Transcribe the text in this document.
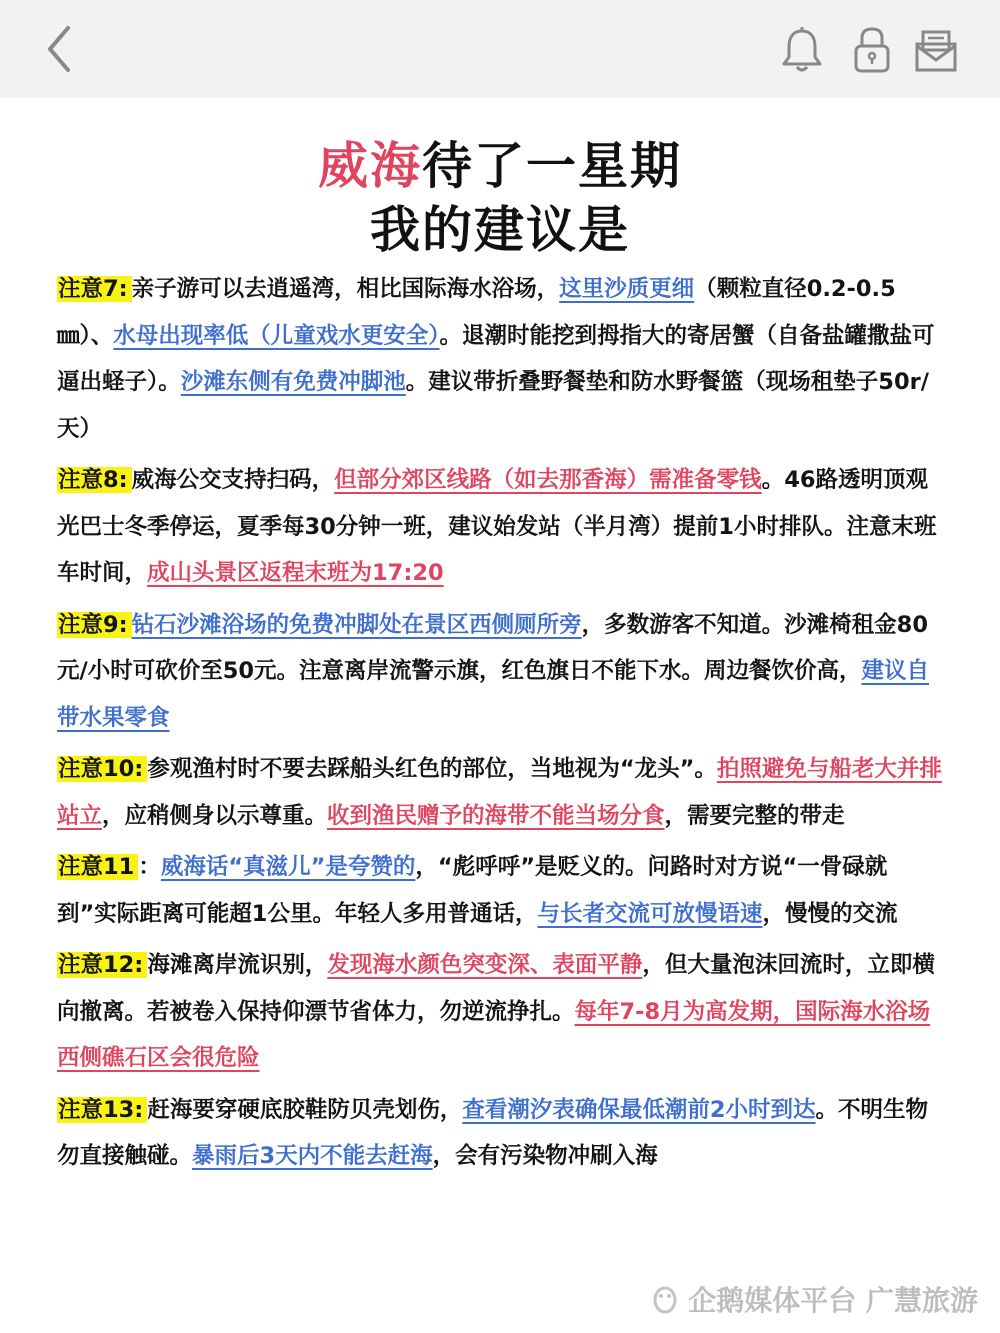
威海待了一星期
我的建议是
注意7: 亲子游可以去逍遥湾，相比国际海水浴场，这里沙质更细（颗粒直径0.2-0.5㎜）、水母出现率低（儿童戏水更安全）。退潮时能挖到拇指大的寄居蟹（自备盐罐撒盐可逼出蛏子）。沙滩东侧有免费冲脚池。建议带折叠野餐垫和防水野餐篮（现场租垫子50r/天）
注意8: 威海公交支持扫码，但部分郊区线路（如去那香海）需准备零钱。46路透明顶观光巴士冬季停运，夏季每30分钟一班，建议始发站（半月湾）提前1小时排队。注意末班车时间，成山头景区返程末班为17:20
注意9: 钻石沙滩浴场的免费冲脚处在景区西侧厕所旁，多数游客不知道。沙滩椅租金80元/小时可砍价至50元。注意离岸流警示旗，红色旗日不能下水。周边餐饮价高，建议自带水果零食
注意10: 参观渔村时不要去踩船头红色的部位，当地视为“龙头”。拍照避免与船老大并排站立，应稍侧身以示尊重。收到渔民赠予的海带不能当场分食，需要完整的带走
注意11 ：威海话“真滋儿”是夸赞的，“彪呼呼”是贬义的。问路时对方说“一骨碌就到”实际距离可能超1公里。年轻人多用普通话，与长者交流可放慢语速，慢慢的交流
注意12: 海滩离岸流识别，发现海水颜色突变深、表面平静，但大量泡沫回流时，立即横向撤离。若被卷入保持仰漂节省体力，勿逆流挣扎。每年7-8月为高发期，国际海水浴场西侧礁石区会很危险
注意13: 赶海要穿硬底胶鞋防贝壳划伤，查看潮汐表确保最低潮前2小时到达。不明生物勿直接触碰。暴雨后3天内不能去赶海，会有污染物冲刷入海
企鹅媒体平台 广慧旅游
